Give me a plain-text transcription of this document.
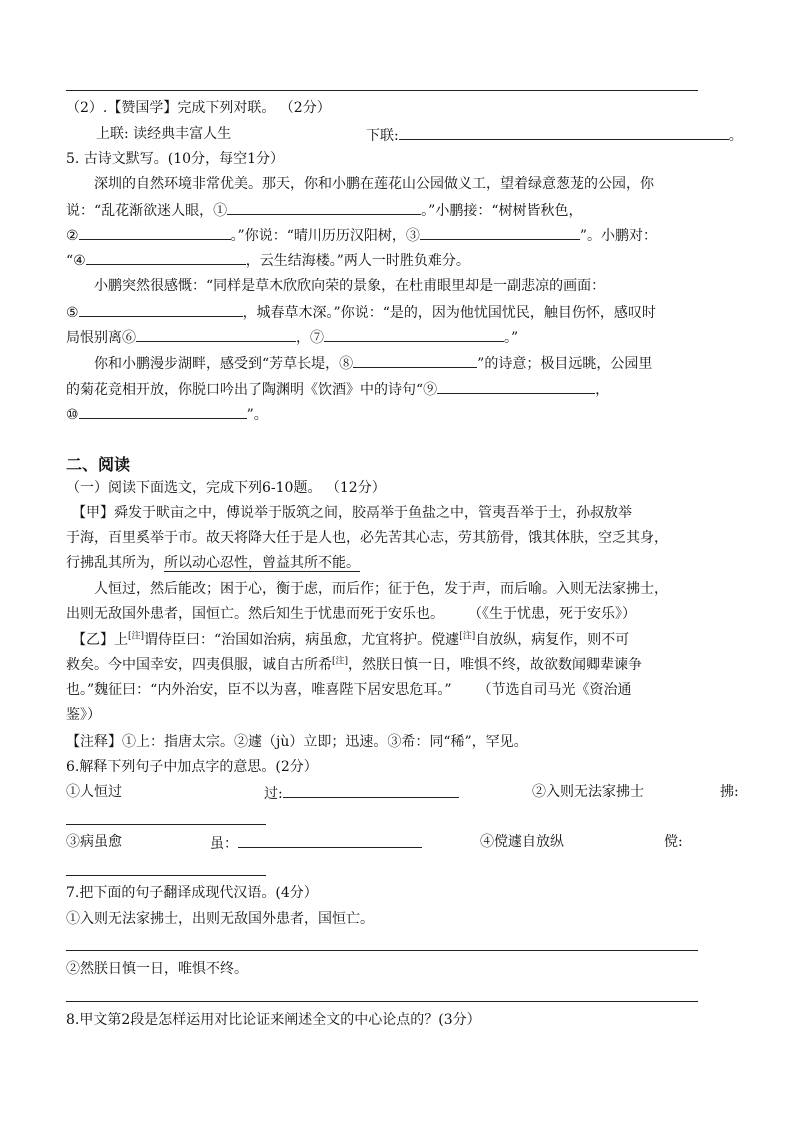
（2）.【赞国学】完成下列对联。 （2分）
上联: 读经典丰富人生	下联:	。
5. 古诗文默写。(10分，每空1分）
深圳的自然环境非常优美。那天，你和小鹏在莲花山公园做义工，望着绿意葱茏的公园，你
说：“乱花渐欲迷人眼，①	。”小鹏接：“树树皆秋色，
②	。”你说：“晴川历历汉阳树，③	”。小鹏对：
“④	，云生结海楼。”两人一时胜负难分。
小鹏突然很感慨：“同样是草木欣欣向荣的景象，在杜甫眼里却是一副悲凉的画面：
⑤	，城春草木深。”你说：“是的，因为他忧国忧民，触目伤怀，感叹时
局恨别离⑥	，⑦	。”
你和小鹏漫步湖畔，感受到“芳草长堤，⑧	”的诗意；极目远眺，公园里
的菊花竞相开放，你脱口吟出了陶渊明《饮酒》中的诗句“⑨	，
⑩	”。
二、阅读
（一）阅读下面选文，完成下列6-10题。 （12分）
【甲】舜发于畎亩之中，傅说举于版筑之间，胶鬲举于鱼盐之中，管夷吾举于士，孙叔敖举
于海，百里奚举于市。故天将降大任于是人也，必先苦其心志，劳其筋骨，饿其体肤，空乏其身，
行拂乱其所为，所以动心忍性，曾益其所不能。
人恒过，然后能改；困于心，衡于虑，而后作；征于色，发于声，而后喻。入则无法家拂士，
出则无敌国外患者，国恒亡。然后知生于忧患而死于安乐也。 （《生于忧患，死于安乐》）
【乙】上[注]谓侍臣曰：“治国如治病，病虽愈，尤宜将护。傥遽[注]自放纵，病复作，则不可
救矣。今中国幸安，四夷俱服，诚自古所希[注]，然朕日慎一日，唯惧不终，故欲数闻卿辈谏争
也。”魏征曰：“内外治安，臣不以为喜，唯喜陛下居安思危耳。” （节选自司马光《资治通
鉴》）
【注释】①上：指唐太宗。②遽（jù）立即；迅速。③希：同“稀”，罕见。
6.解释下列句子中加点字的意思。(2分）
①人恒过	过:	②入则无法家拂士	拂:
③病虽愈	虽：	④傥遽自放纵	傥:
7.把下面的句子翻译成现代汉语。(4分）
①入则无法家拂士，出则无敌国外患者，国恒亡。
②然朕日慎一日，唯惧不终。
8.甲文第2段是怎样运用对比论证来阐述全文的中心论点的？(3分）
